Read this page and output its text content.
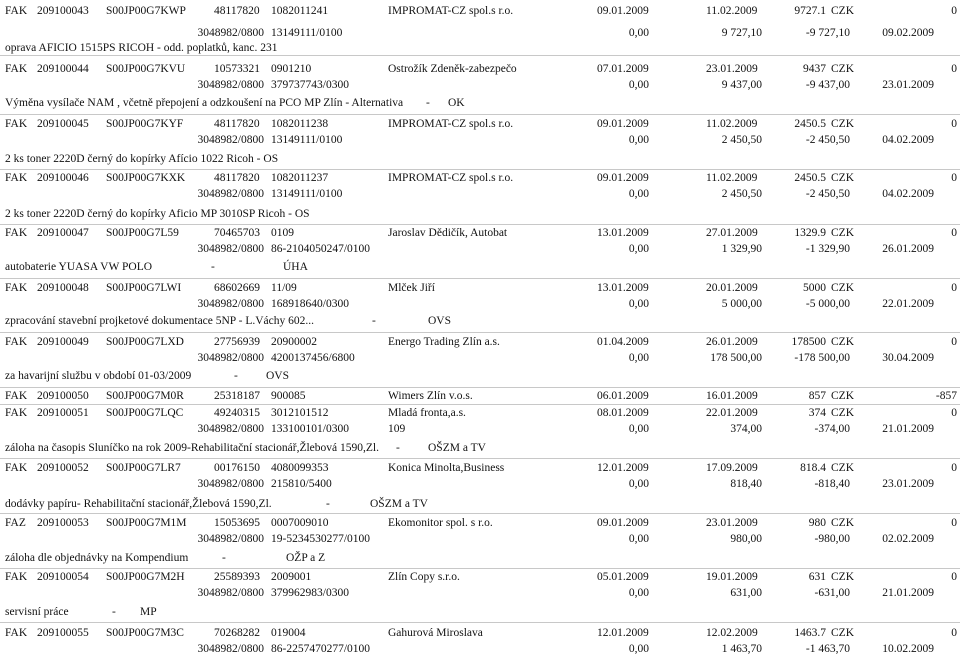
FAK 209100043 S00JP00G7KWP 48117820 1082011241	IMPROMAT-CZ spol.s r.o.	09.01.2009	11.02.2009	9727.1 CZK	0
3048982/0800 13149111/0100	0,00	9 727,10	-9 727,10	09.02.2009
oprava AFICIO 1515PS RICOH - odd. poplatků, kanc. 231
FAK 209100044 S00JP00G7KVU	10573321 0901210	Ostrožík Zdeněk-zabezpečo	07.01.2009	23.01.2009	9437 CZK	0
3048982/0800 379737743/0300	0,00	9 437,00	-9 437,00	23.01.2009
Výměna vysílače NAM , včetně přepojení a odzkoušení na PCO MP Zlín - Alternativa - OK
FAK 209100045 S00JP00G7KYF	48117820 1082011238	IMPROMAT-CZ spol.s r.o.	09.01.2009	11.02.2009	2450.5 CZK	0
3048982/0800 13149111/0100	0,00	2 450,50	-2 450,50	04.02.2009
2 ks toner 2220D černý do kopírky Afício 1022 Ricoh - OS
FAK 209100046 S00JP00G7KXK	48117820 1082011237	IMPROMAT-CZ spol.s r.o.	09.01.2009	11.02.2009	2450.5 CZK	0
3048982/0800 13149111/0100	0,00	2 450,50	-2 450,50	04.02.2009
2 ks toner 2220D černý do kopírky Aficio MP 3010SP Ricoh - OS
FAK 209100047 S00JP00G7L59	70465703 0109	Jaroslav Dědičík, Autobat	13.01.2009	27.01.2009	1329.9 CZK	0
3048982/0800 86-2104050247/0100	0,00	1 329,90	-1 329,90	26.01.2009
autobaterie YUASA VW POLO	-	ÚHA
FAK 209100048 S00JP00G7LWI	68602669 11/09	Mlček Jiří	13.01.2009	20.01.2009	5000 CZK	0
3048982/0800 168918640/0300	0,00	5 000,00	-5 000,00	22.01.2009
zpracování stavební projketové dokumentace 5NP - L.Váchy 602...	-	OVS
FAK 209100049 S00JP00G7LXD	27756939 20900002	Energo Trading Zlín a.s.	01.04.2009	26.01.2009	178500 CZK	0
3048982/0800 4200137456/6800	0,00	178 500,00	-178 500,00	30.04.2009
za havarijní službu v období 01-03/2009	- OVS
FAK 209100050 S00JP00G7M0R	25318187 900085	Wimers Zlín v.o.s.	06.01.2009	16.01.2009	857 CZK	-857
FAK 209100051 S00JP00G7LQC	49240315 3012101512	Mladá fronta,a.s.	08.01.2009	22.01.2009	374 CZK	0
3048982/0800 133100101/0300	109	0,00	374,00	-374,00	21.01.2009
záloha na časopis Sluníčko na rok 2009-Rehabilitační stacionář,Žlebová 1590,Zl. - OŠZM a TV
FAK 209100052 S00JP00G7LR7	00176150 4080099353	Konica Minolta,Business	12.01.2009	17.09.2009	818.4 CZK	0
3048982/0800 215810/5400	0,00	818,40	-818,40	23.01.2009
dodávky papíru- Rehabilitační stacionář,Žlebová 1590,Zl.	-	OŠZM a TV
FAZ 209100053 S00JP00G7M1M 15053695 0007009010	Ekomonitor spol. s r.o.	09.01.2009	23.01.2009	980 CZK	0
3048982/0800 19-5234530277/0100	0,00	980,00	-980,00	02.02.2009
záloha dle objednávky na Kompendium	-	OŽP a Z
FAK 209100054 S00JP00G7M2H	25589393 2009001	Zlín Copy s.r.o.	05.01.2009	19.01.2009	631 CZK	0
3048982/0800 379962983/0300	0,00	631,00	-631,00	21.01.2009
servisní práce	- MP
FAK 209100055 S00JP00G7M3C	70268282 019004	Gahurová Miroslava	12.01.2009	12.02.2009	1463.7 CZK	0
3048982/0800 86-2257470277/0100	0,00	1 463,70	-1 463,70	10.02.2009
